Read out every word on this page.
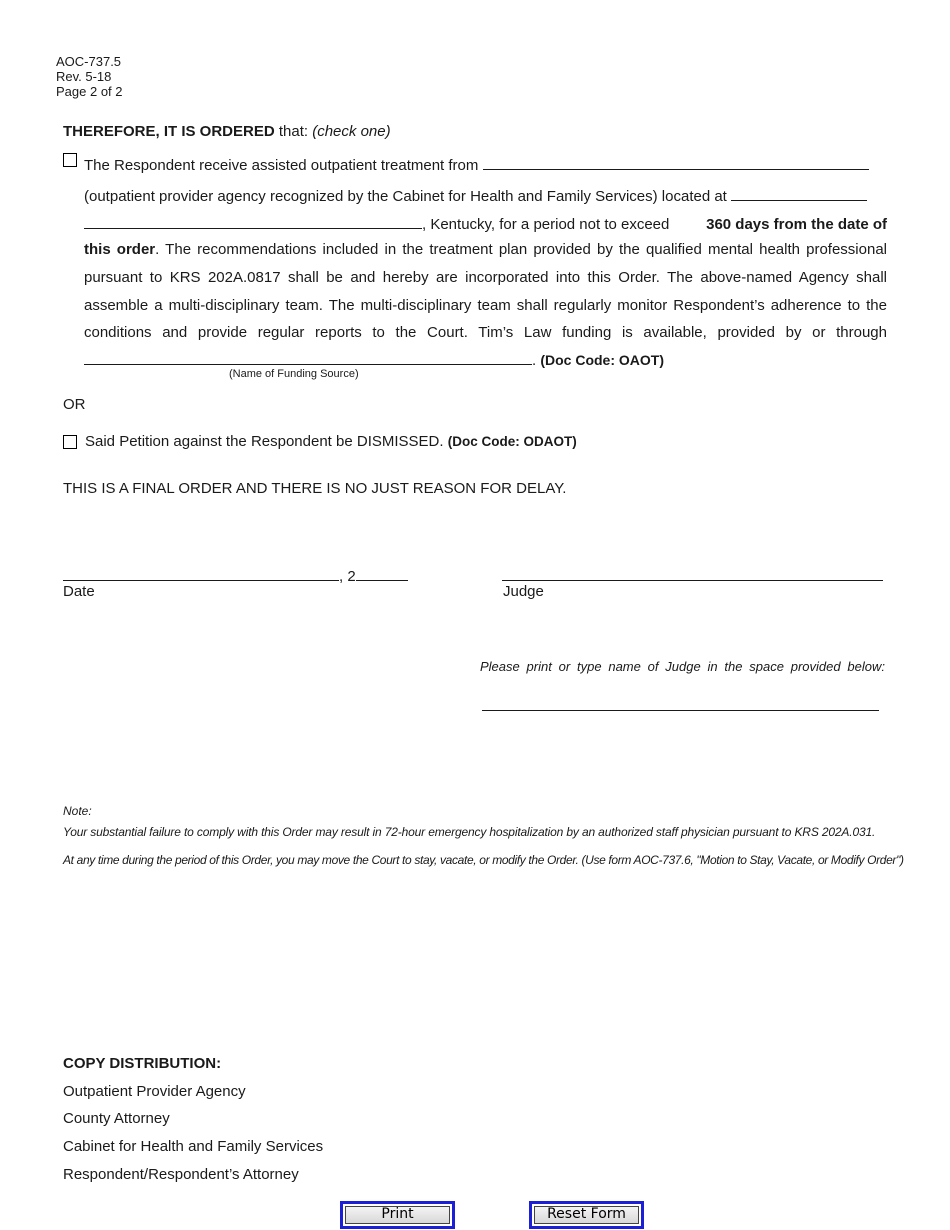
AOC-737.5
Rev. 5-18
Page 2 of 2
THEREFORE, IT IS ORDERED that: (check one)
The Respondent receive assisted outpatient treatment from
(outpatient provider agency recognized by the Cabinet for Health and Family Services) located at
, Kentucky, for a period not to exceed 360 days from the date of
this order. The recommendations included in the treatment plan provided by the qualified mental health professional
pursuant to KRS 202A.0817 shall be and hereby are incorporated into this Order. The above-named Agency shall
assemble a multi-disciplinary team. The multi-disciplinary team shall regularly monitor Respondent’s adherence to the
conditions and provide regular reports to the Court. Tim’s Law funding is available, provided by or through
. (Doc Code: OAOT)
(Name of Funding Source)
OR
Said Petition against the Respondent be DISMISSED. (Doc Code: ODAOT)
THIS IS A FINAL ORDER AND THERE IS NO JUST REASON FOR DELAY.
, 2
Date	Judge
Please print or type name of Judge in the space provided below:
Note:
Your substantial failure to comply with this Order may result in 72-hour emergency hospitalization by an authorized staff physician pursuant to KRS 202A.031.
At any time during the period of this Order, you may move the Court to stay, vacate, or modify the Order. (Use form AOC-737.6, "Motion to Stay, Vacate, or Modify Order")
COPY DISTRIBUTION:
Outpatient Provider Agency
County Attorney
Cabinet for Health and Family Services
Respondent/Respondent’s Attorney
Print	Reset Form
